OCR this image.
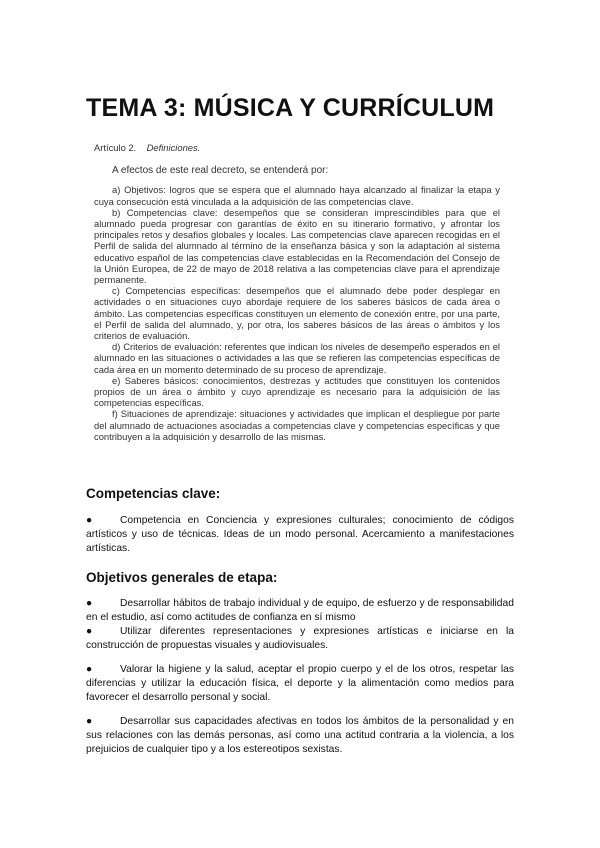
TEMA 3: MÚSICA Y CURRÍCULUM
Artículo 2. Definiciones.
A efectos de este real decreto, se entenderá por:

a) Objetivos: logros que se espera que el alumnado haya alcanzado al finalizar la etapa y cuya consecución está vinculada a la adquisición de las competencias clave.

b) Competencias clave: desempeños que se consideran imprescindibles para que el alumnado pueda progresar con garantías de éxito en su itinerario formativo, y afrontar los principales retos y desafíos globales y locales. Las competencias clave aparecen recogidas en el Perfil de salida del alumnado al término de la enseñanza básica y son la adaptación al sistema educativo español de las competencias clave establecidas en la Recomendación del Consejo de la Unión Europea, de 22 de mayo de 2018 relativa a las competencias clave para el aprendizaje permanente.

c) Competencias específicas: desempeños que el alumnado debe poder desplegar en actividades o en situaciones cuyo abordaje requiere de los saberes básicos de cada área o ámbito. Las competencias específicas constituyen un elemento de conexión entre, por una parte, el Perfil de salida del alumnado, y, por otra, los saberes básicos de las áreas o ámbitos y los criterios de evaluación.

d) Criterios de evaluación: referentes que indican los niveles de desempeño esperados en el alumnado en las situaciones o actividades a las que se refieren las competencias específicas de cada área en un momento determinado de su proceso de aprendizaje.

e) Saberes básicos: conocimientos, destrezas y actitudes que constituyen los contenidos propios de un área o ámbito y cuyo aprendizaje es necesario para la adquisición de las competencias específicas.

f) Situaciones de aprendizaje: situaciones y actividades que implican el despliegue por parte del alumnado de actuaciones asociadas a competencias clave y competencias específicas y que contribuyen a la adquisición y desarrollo de las mismas.

Competencias clave:

●	Competencia en Conciencia y expresiones culturales; conocimiento de códigos artísticos y uso de técnicas. Ideas de un modo personal. Acercamiento a manifestaciones artísticas.

Objetivos generales de etapa:

●	Desarrollar hábitos de trabajo individual y de equipo, de esfuerzo y de responsabilidad en el estudio, así como actitudes de confianza en sí mismo

●	Utilizar diferentes representaciones y expresiones artísticas e iniciarse en la construcción de propuestas visuales y audiovisuales.

●	Valorar la higiene y la salud, aceptar el propio cuerpo y el de los otros, respetar las diferencias y utilizar la educación física, el deporte y la alimentación como medios para favorecer el desarrollo personal y social.

●	Desarrollar sus capacidades afectivas en todos los ámbitos de la personalidad y en sus relaciones con las demás personas, así como una actitud contraria a la violencia, a los prejuicios de cualquier tipo y a los estereotipos sexistas.
